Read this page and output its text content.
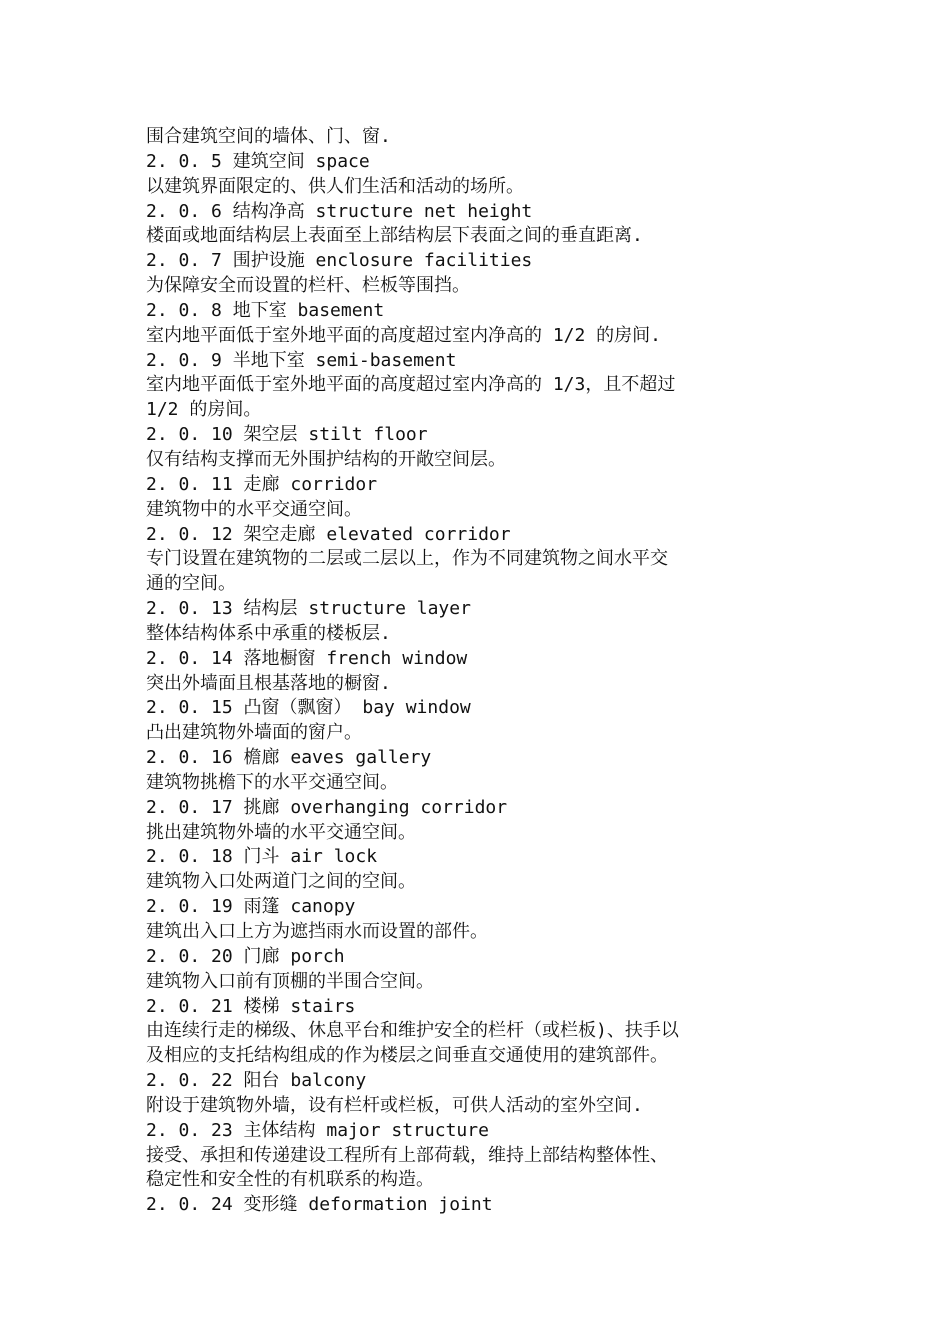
围合建筑空间的墙体、门、窗.
2. 0. 5 建筑空间 space
以建筑界面限定的、供人们生活和活动的场所。
2. 0. 6 结构净高 structure net height
楼面或地面结构层上表面至上部结构层下表面之间的垂直距离.
2. 0. 7 围护设施 enclosure facilities
为保障安全而设置的栏杆、栏板等围挡。
2. 0. 8 地下室 basement
室内地平面低于室外地平面的高度超过室内净高的 1/2 的房间.
2. 0. 9 半地下室 semi-basement
室内地平面低于室外地平面的高度超过室内净高的 1/3，且不超过
1/2 的房间。
2. 0. 10 架空层 stilt floor
仅有结构支撑而无外围护结构的开敞空间层。
2. 0. 11 走廊 corridor
建筑物中的水平交通空间。
2. 0. 12 架空走廊 elevated corridor
专门设置在建筑物的二层或二层以上，作为不同建筑物之间水平交
通的空间。
2. 0. 13 结构层 structure layer
整体结构体系中承重的楼板层.
2. 0. 14 落地橱窗 french window
突出外墙面且根基落地的橱窗.
2. 0. 15 凸窗（飘窗） bay window
凸出建筑物外墙面的窗户。
2. 0. 16 檐廊 eaves gallery
建筑物挑檐下的水平交通空间。
2. 0. 17 挑廊 overhanging corridor
挑出建筑物外墙的水平交通空间。
2. 0. 18 门斗 air lock
建筑物入口处两道门之间的空间。
2. 0. 19 雨篷 canopy
建筑出入口上方为遮挡雨水而设置的部件。
2. 0. 20 门廊 porch
建筑物入口前有顶棚的半围合空间。
2. 0. 21 楼梯 stairs
由连续行走的梯级、休息平台和维护安全的栏杆（或栏板)、扶手以
及相应的支托结构组成的作为楼层之间垂直交通使用的建筑部件。
2. 0. 22 阳台 balcony
附设于建筑物外墙，设有栏杆或栏板，可供人活动的室外空间.
2. 0. 23 主体结构 major structure
接受、承担和传递建设工程所有上部荷载，维持上部结构整体性、
稳定性和安全性的有机联系的构造。
2. 0. 24 变形缝 deformation joint
